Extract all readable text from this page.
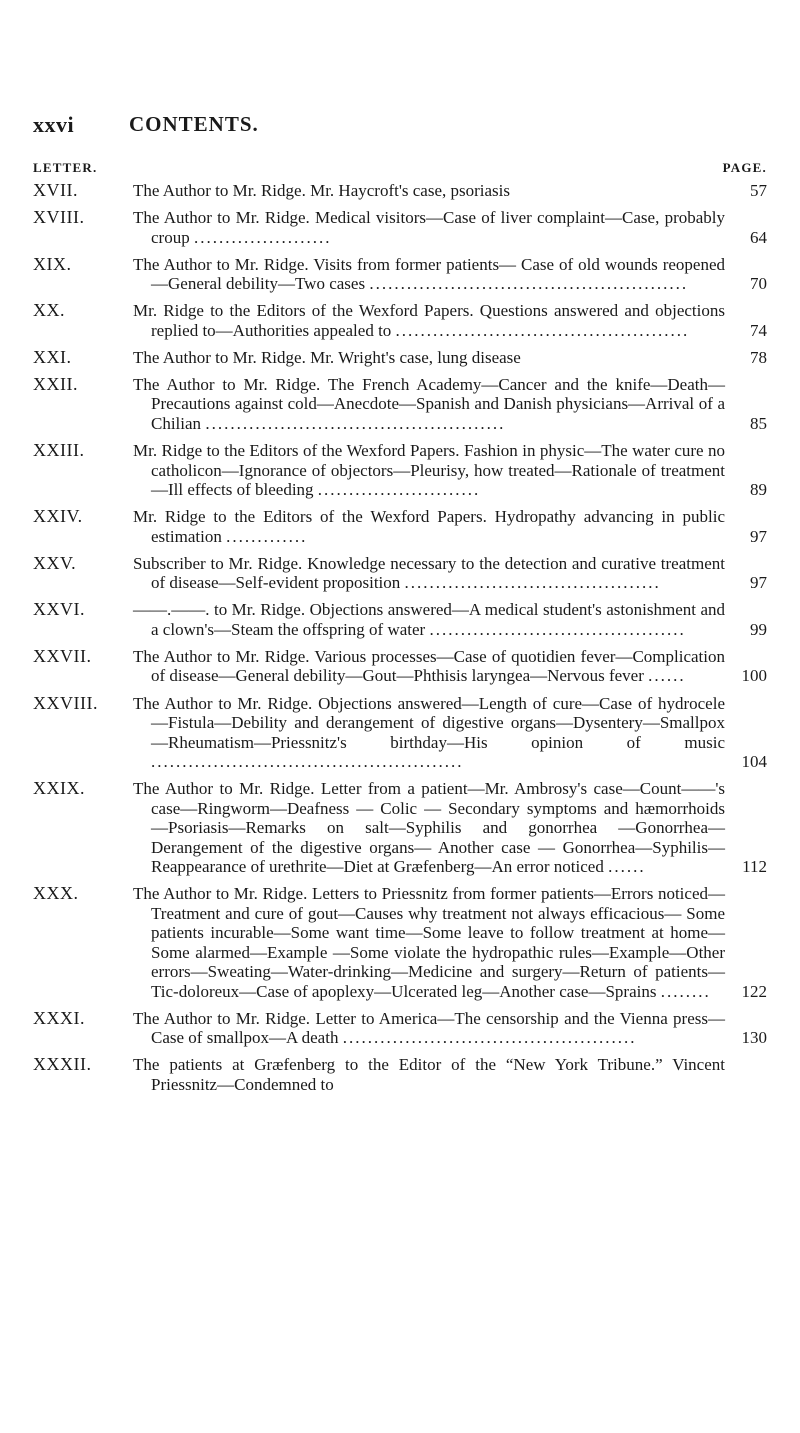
xxvi	CONTENTS.
LETTER.	PAGE.
XVII.	The Author to Mr. Ridge. Mr. Haycroft's case, psoriasis	57
XVIII.	The Author to Mr. Ridge. Medical visitors—Case of liver complaint—Case, probably croup ......................	64
XIX.	The Author to Mr. Ridge. Visits from former patients— Case of old wounds reopened—General debility—Two cases ...................................................	70
XX.	Mr. Ridge to the Editors of the Wexford Papers. Questions answered and objections replied to—Authorities appealed to ...............................................	74
XXI.	The Author to Mr. Ridge. Mr. Wright's case, lung disease	78
XXII.	The Author to Mr. Ridge. The French Academy—Cancer and the knife—Death—Precautions against cold—Anecdote—Spanish and Danish physicians—Arrival of a Chilian ................................................	85
XXIII.	Mr. Ridge to the Editors of the Wexford Papers. Fashion in physic—The water cure no catholicon—Ignorance of objectors—Pleurisy, how treated—Rationale of treatment—Ill effects of bleeding ..........................	89
XXIV.	Mr. Ridge to the Editors of the Wexford Papers. Hydropathy advancing in public estimation .............	97
XXV.	Subscriber to Mr. Ridge. Knowledge necessary to the detection and curative treatment of disease—Self-evident proposition .........................................	97
XXVI.	——.——. to Mr. Ridge. Objections answered—A medical student's astonishment and a clown's—Steam the offspring of water .........................................	99
XXVII.	The Author to Mr. Ridge. Various processes—Case of quotidien fever—Complication of disease—General debility—Gout—Phthisis laryngea—Nervous fever ......	100
XXVIII.	The Author to Mr. Ridge. Objections answered—Length of cure—Case of hydrocele—Fistula—Debility and derangement of digestive organs—Dysentery—Smallpox —Rheumatism—Priessnitz's birthday—His opinion of music ..................................................	104
XXIX.	The Author to Mr. Ridge. Letter from a patient—Mr. Ambrosy's case—Count——'s case—Ringworm—Deafness — Colic — Secondary symptoms and hæmorrhoids —Psoriasis—Remarks on salt—Syphilis and gonorrhea —Gonorrhea—Derangement of the digestive organs— Another case — Gonorrhea—Syphilis—Reappearance of urethrite—Diet at Græfenberg—An error noticed ......	112
XXX.	The Author to Mr. Ridge. Letters to Priessnitz from former patients—Errors noticed—Treatment and cure of gout—Causes why treatment not always efficacious— Some patients incurable—Some want time—Some leave to follow treatment at home—Some alarmed—Example —Some violate the hydropathic rules—Example—Other errors—Sweating—Water-drinking—Medicine and surgery—Return of patients—Tic-doloreux—Case of apoplexy—Ulcerated leg—Another case—Sprains ........	122
XXXI.	The Author to Mr. Ridge. Letter to America—The censorship and the Vienna press—Case of smallpox—A death ...............................................	130
XXXII.	The patients at Græfenberg to the Editor of the “New York Tribune.” Vincent Priessnitz—Condemned to
